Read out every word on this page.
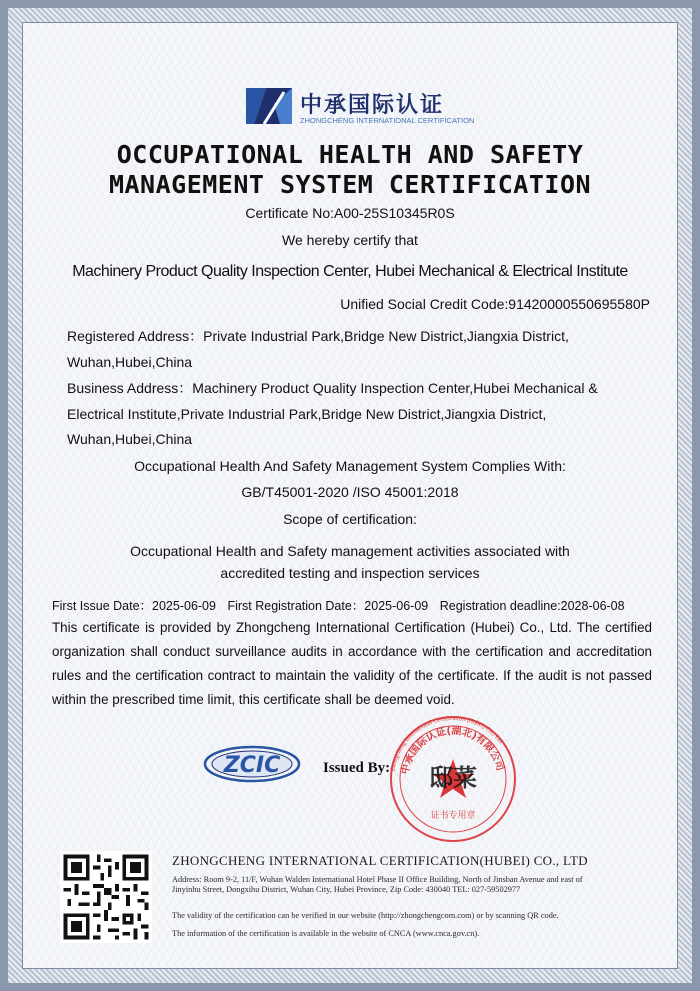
中承国际认证
ZHONGCHENG INTERNATIONAL CERTIFICATION
OCCUPATIONAL HEALTH AND SAFETY
MANAGEMENT SYSTEM CERTIFICATION
Certificate No:A00-25S10345R0S
We hereby certify that
Machinery Product Quality Inspection Center, Hubei Mechanical & Electrical Institute
Unified Social Credit Code:91420000550695580P
Registered Address：Private Industrial Park,Bridge New District,Jiangxia District, Wuhan,Hubei,China
Business Address：Machinery Product Quality Inspection Center,Hubei Mechanical & Electrical Institute,Private Industrial Park,Bridge New District,Jiangxia District, Wuhan,Hubei,China
Occupational Health And Safety Management System Complies With:
GB/T45001-2020 /ISO 45001:2018
Scope of certification:
Occupational Health and Safety management activities associated with
accredited testing and inspection services
First Issue Date：2025-06-09 First Registration Date：2025-06-09 Registration deadline:2028-06-08
This certificate is provided by Zhongcheng International Certification (Hubei) Co., Ltd. The certified organization shall conduct surveillance audits in accordance with the certification and accreditation rules and the certification contract to maintain the validity of the certificate. If the audit is not passed within the prescribed time limit, this certificate shall be deemed void.
ZCIC	Issued By: Zhongcheng International Certification (Hubei) Co., Ltd
中承国际认证(湖北)有限公司
邸菜
证书专用章
ZHONGCHENG INTERNATIONAL CERTIFICATION(HUBEI) CO., LTD
Address: Room 9-2, 11/F, Wuhan Walden International Hotel Phase II Office Building, North of Jinsban Avenue and east of Jinyinhu Street, Dongxihu District, Wuhan City, Hubei Province, Zip Code: 430040 TEL: 027-59502977
The validity of the certification can be verified in our website (http://zhongchengcom.com) or by scanning QR code.
The information of the certification is available in the website of CNCA (www.cnca.gov.cn).
